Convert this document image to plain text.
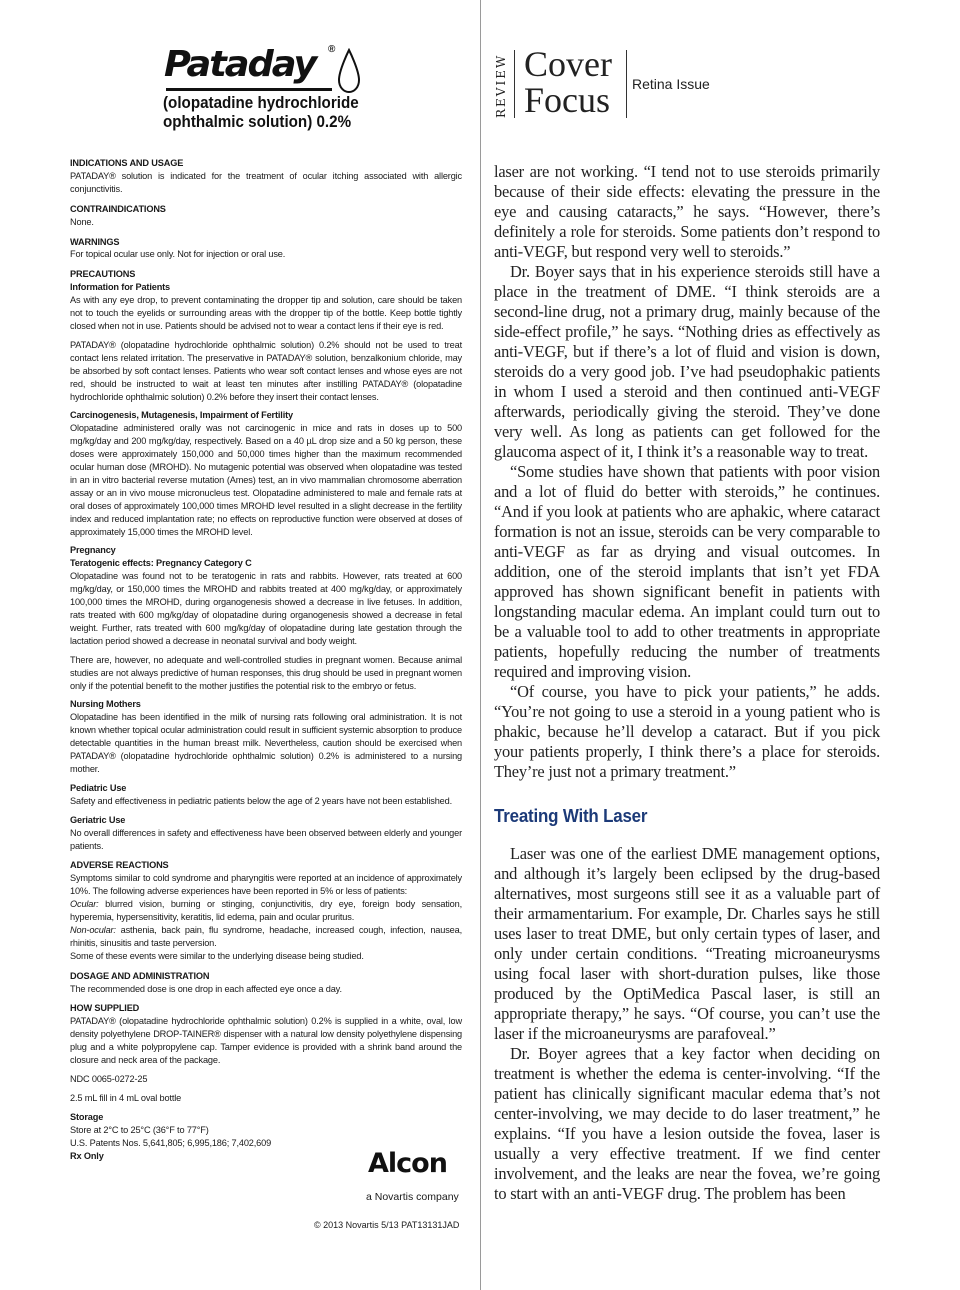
Pataday ®
(olopatadine hydrochloride
ophthalmic solution) 0.2%
INDICATIONS AND USAGE

PATADAY® solution is indicated for the treatment of ocular itching associated with allergic conjunctivitis.

CONTRAINDICATIONS

None.

WARNINGS

For topical ocular use only. Not for injection or oral use.

PRECAUTIONS
Information for Patients

As with any eye drop, to prevent contaminating the dropper tip and solution, care should be taken not to touch the eyelids or surrounding areas with the dropper tip of the bottle. Keep bottle tightly closed when not in use. Patients should be advised not to wear a contact lens if their eye is red.

PATADAY® (olopatadine hydrochloride ophthalmic solution) 0.2% should not be used to treat contact lens related irritation. The preservative in PATADAY® solution, benzalkonium chloride, may be absorbed by soft contact lenses. Patients who wear soft contact lenses and whose eyes are not red, should be instructed to wait at least ten minutes after instilling PATADAY® (olopatadine hydrochloride ophthalmic solution) 0.2% before they insert their contact lenses.

Carcinogenesis, Mutagenesis, Impairment of Fertility

Olopatadine administered orally was not carcinogenic in mice and rats in doses up to 500 mg/kg/day and 200 mg/kg/day, respectively. Based on a 40 µL drop size and a 50 kg person, these doses were approximately 150,000 and 50,000 times higher than the maximum recommended ocular human dose (MROHD). No mutagenic potential was observed when olopatadine was tested in an in vitro bacterial reverse mutation (Ames) test, an in vivo mammalian chromosome aberration assay or an in vivo mouse micronucleus test. Olopatadine administered to male and female rats at oral doses of approximately 100,000 times MROHD level resulted in a slight decrease in the fertility index and reduced implantation rate; no effects on reproductive function were observed at doses of approximately 15,000 times the MROHD level.

Pregnancy
Teratogenic effects: Pregnancy Category C

Olopatadine was found not to be teratogenic in rats and rabbits. However, rats treated at 600 mg/kg/day, or 150,000 times the MROHD and rabbits treated at 400 mg/kg/day, or approximately 100,000 times the MROHD, during organogenesis showed a decrease in live fetuses. In addition, rats treated with 600 mg/kg/day of olopatadine during organogenesis showed a decrease in fetal weight. Further, rats treated with 600 mg/kg/day of olopatadine during late gestation through the lactation period showed a decrease in neonatal survival and body weight.

There are, however, no adequate and well-controlled studies in pregnant women. Because animal studies are not always predictive of human responses, this drug should be used in pregnant women only if the potential benefit to the mother justifies the potential risk to the embryo or fetus.

Nursing Mothers

Olopatadine has been identified in the milk of nursing rats following oral administration. It is not known whether topical ocular administration could result in sufficient systemic absorption to produce detectable quantities in the human breast milk. Nevertheless, caution should be exercised when PATADAY® (olopatadine hydrochloride ophthalmic solution) 0.2% is administered to a nursing mother.

Pediatric Use

Safety and effectiveness in pediatric patients below the age of 2 years have not been established.

Geriatric Use

No overall differences in safety and effectiveness have been observed between elderly and younger patients.

ADVERSE REACTIONS

Symptoms similar to cold syndrome and pharyngitis were reported at an incidence of approximately 10%. The following adverse experiences have been reported in 5% or less of patients:

Ocular: blurred vision, burning or stinging, conjunctivitis, dry eye, foreign body sensation, hyperemia, hypersensitivity, keratitis, lid edema, pain and ocular pruritus.

Non-ocular: asthenia, back pain, flu syndrome, headache, increased cough, infection, nausea, rhinitis, sinusitis and taste perversion.

Some of these events were similar to the underlying disease being studied.

DOSAGE AND ADMINISTRATION

The recommended dose is one drop in each affected eye once a day.

HOW SUPPLIED

PATADAY® (olopatadine hydrochloride ophthalmic solution) 0.2% is supplied in a white, oval, low density polyethylene DROP-TAINER® dispenser with a natural low density polyethylene dispensing plug and a white polypropylene cap. Tamper evidence is provided with a shrink band around the closure and neck area of the package.

NDC 0065-0272-25

2.5 mL fill in 4 mL oval bottle

Storage

Store at 2°C to 25°C (36°F to 77°F)

U.S. Patents Nos. 5,641,805; 6,995,186; 7,402,609

Rx Only	Alcon
a Novartis company
© 2013 Novartis 5/13 PAT13131JAD
REVIEW Cover
Focus Retina Issue

laser are not working. “I tend not to use steroids primarily because of their side effects: elevating the pressure in the eye and causing cataracts,” he says. “However, there’s definitely a role for steroids. Some patients don’t respond to anti-VEGF, but respond very well to steroids.”

Dr. Boyer says that in his experience steroids still have a place in the treatment of DME. “I think steroids are a second-line drug, not a primary drug, mainly because of the side-effect profile,” he says. “Nothing dries as effectively as anti-VEGF, but if there’s a lot of fluid and vision is down, steroids do a very good job. I’ve had pseudophakic patients in whom I used a steroid and then continued anti-VEGF afterwards, periodically giving the steroid. They’ve done very well. As long as patients can get followed for the glaucoma aspect of it, I think it’s a reasonable way to treat.

“Some studies have shown that patients with poor vision and a lot of fluid do better with steroids,” he continues. “And if you look at patients who are aphakic, where cataract formation is not an issue, steroids can be very comparable to anti-VEGF as far as drying and visual outcomes. In addition, one of the steroid implants that isn’t yet FDA approved has shown significant benefit in patients with longstanding macular edema. An implant could turn out to be a valuable tool to add to other treatments in appropriate patients, hopefully reducing the number of treatments required and improving vision.

“Of course, you have to pick your patients,” he adds. “You’re not going to use a steroid in a young patient who is phakic, because he’ll develop a cataract. But if you pick your patients properly, I think there’s a place for steroids. They’re just not a primary treatment.”

Treating With Laser

Laser was one of the earliest DME management options, and although it’s largely been eclipsed by the drug-based alternatives, most surgeons still see it as a valuable part of their armamentarium. For example, Dr. Charles says he still uses laser to treat DME, but only certain types of laser, and only under certain conditions. “Treating microaneurysms using focal laser with short-duration pulses, like those produced by the OptiMedica Pascal laser, is still an appropriate therapy,” he says. “Of course, you can’t use the laser if the microaneurysms are parafoveal.”

Dr. Boyer agrees that a key factor when deciding on treatment is whether the edema is center-involving. “If the patient has clinically significant macular edema that’s not center-involving, we may decide to do laser treatment,” he explains. “If you have a lesion outside the fovea, laser is usually a very effective treatment. If we find center involvement, and the leaks are near the fovea, we’re going to start with an anti-VEGF drug. The problem has been
